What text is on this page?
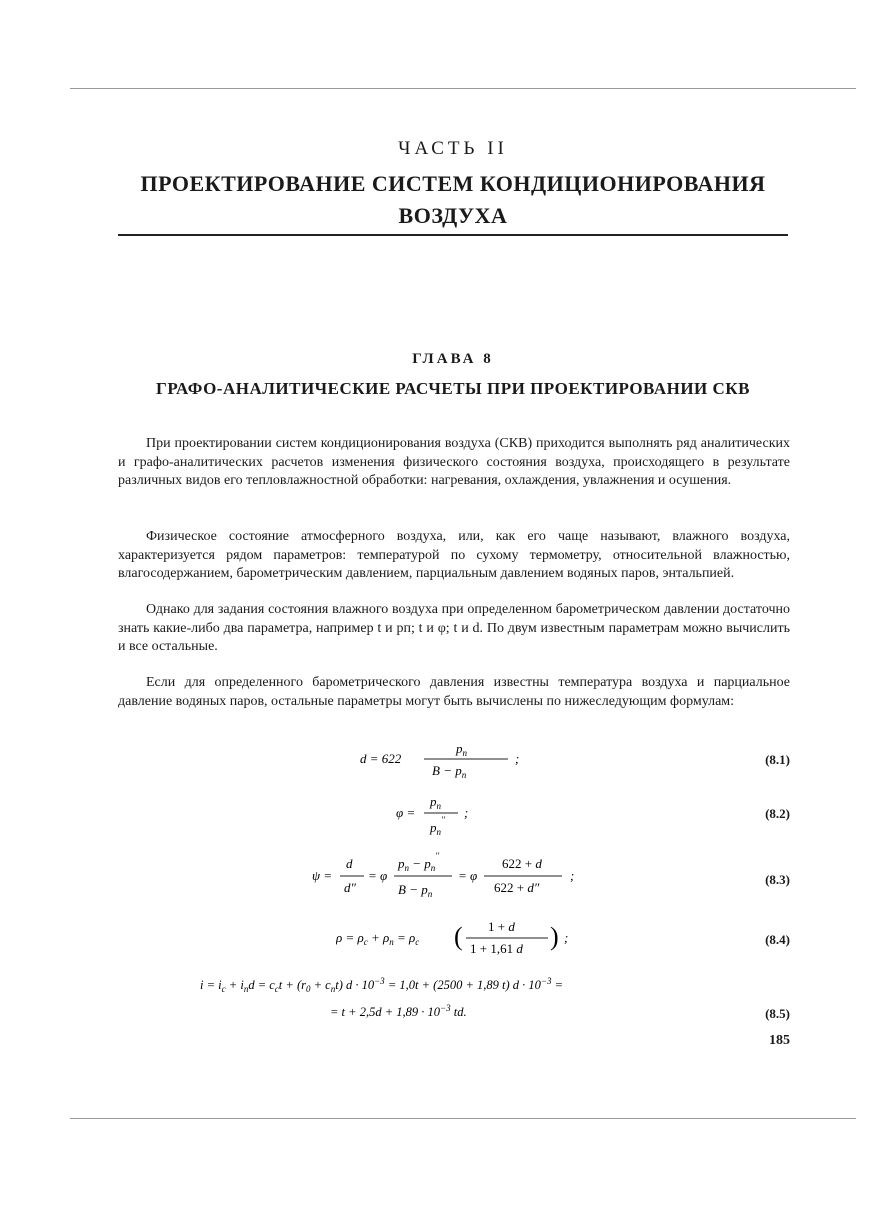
ЧАСТЬ II
ПРОЕКТИРОВАНИЕ СИСТЕМ КОНДИЦИОНИРОВАНИЯ ВОЗДУХА
ГЛАВА 8
ГРАФО-АНАЛИТИЧЕСКИЕ РАСЧЕТЫ ПРИ ПРОЕКТИРОВАНИИ СКВ

При проектировании систем кондиционирования воздуха (СКВ) приходится выполнять ряд аналитических и графо-аналитических расчетов изменения физического состояния воздуха, происходящего в результате различных видов его тепловлажностной обработки: нагревания, охлаждения, увлажнения и осушения.

Физическое состояние атмосферного воздуха, или, как его чаще называют, влажного воздуха, характеризуется рядом параметров: температурой по сухому термометру, относительной влажностью, влагосодержанием, барометрическим давлением, парциальным давлением водяных паров, энтальпией.

Однако для задания состояния влажного воздуха при определенном барометрическом давлении достаточно знать какие-либо два параметра, например t и pп; t и φ; t и d. По двум известным параметрам можно вычислить и все остальные.

Если для определенного барометрического давления известны температура воздуха и парциальное давление водяных паров, остальные параметры могут быть вычислены по нижеследующим формулам:

d = 622
$p_п$
$B - p_п$
;	(8.1)
φ =
$p_п$
$p_п''$ ;	(8.2)
ψ =
d
d″
= φ
$p_п - p_п''$
$B - p_п$
= φ
622 + d
622 + d″
;	(8.3)
$\rho = \rho_с + \rho_п = \rho_с$ ( 1 + d
1 + 1,61 d ) ;	(8.4)
$i = i_с + i_пd = c_сt + (r_0 + c_пt) d \cdot 10^{-3} = 1,0t + (2500 + 1,89$ t) $d \cdot 10^{-3}$ =
= $t + 2,5d + 1,89 \cdot 10^{-3}$ td.	(8.5)
185
